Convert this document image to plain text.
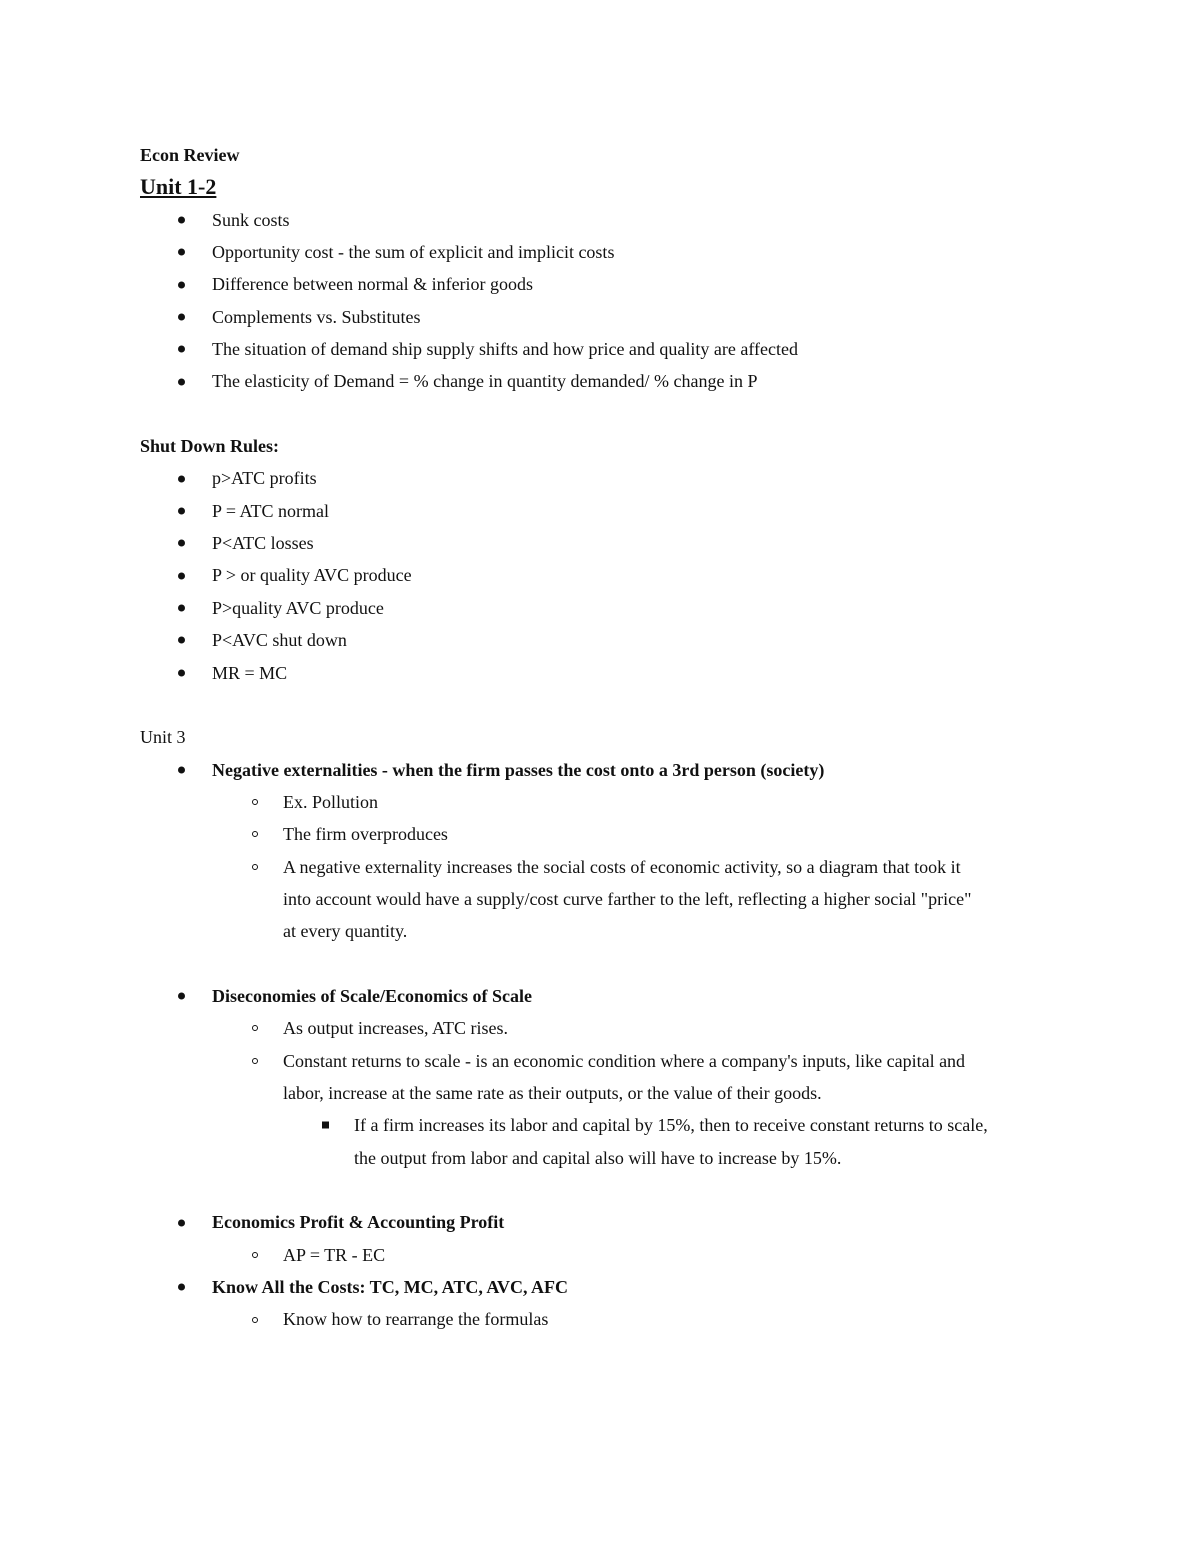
Econ Review
Unit 1-2
Sunk costs
Opportunity cost - the sum of explicit and implicit costs
Difference between normal & inferior goods
Complements vs. Substitutes
The situation of demand ship supply shifts and how price and quality are affected
The elasticity of Demand = % change in quantity demanded/ % change in P
Shut Down Rules:
p>ATC profits
P = ATC normal
P<ATC losses
P > or quality AVC produce
P>quality AVC produce
P<AVC shut down
MR = MC
Unit 3
Negative externalities - when the firm passes the cost onto a 3rd person (society)
Ex. Pollution
The firm overproduces
A negative externality increases the social costs of economic activity, so a diagram that took it
into account would have a supply/cost curve farther to the left, reflecting a higher social "price"
at every quantity.
Diseconomies of Scale/Economics of Scale
As output increases, ATC rises.
Constant returns to scale - is an economic condition where a company's inputs, like capital and
labor, increase at the same rate as their outputs, or the value of their goods.
If a firm increases its labor and capital by 15%, then to receive constant returns to scale,
the output from labor and capital also will have to increase by 15%.
Economics Profit & Accounting Profit
AP = TR - EC
Know All the Costs: TC, MC, ATC, AVC, AFC
Know how to rearrange the formulas
